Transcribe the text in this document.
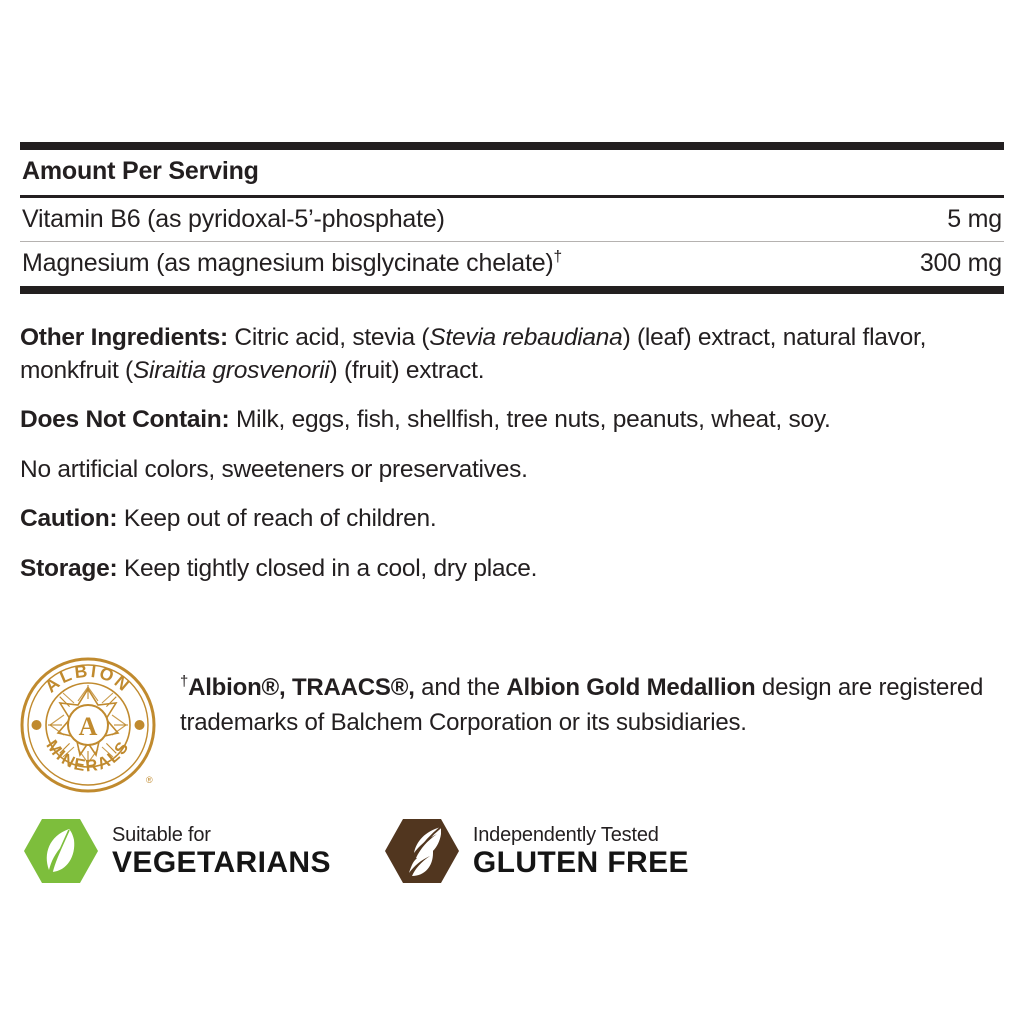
Amount Per Serving
Vitamin B6 (as pyridoxal-5’-phosphate)	5 mg
Magnesium (as magnesium bisglycinate chelate)†	300 mg

Other Ingredients: Citric acid, stevia (Stevia rebaudiana) (leaf) extract, natural flavor, monkfruit (Siraitia grosvenorii) (fruit) extract.

Does Not Contain: Milk, eggs, fish, shellfish, tree nuts, peanuts, wheat, soy.

No artificial colors, sweeteners or preservatives.

Caution: Keep out of reach of children.

Storage: Keep tightly closed in a cool, dry place.

A
ALBION
MINERALS
®
†Albion®, TRAACS®, and the Albion Gold Medallion design are registered trademarks of Balchem Corporation or its subsidiaries.
Suitable for
VEGETARIANS
Independently Tested
GLUTEN FREE
